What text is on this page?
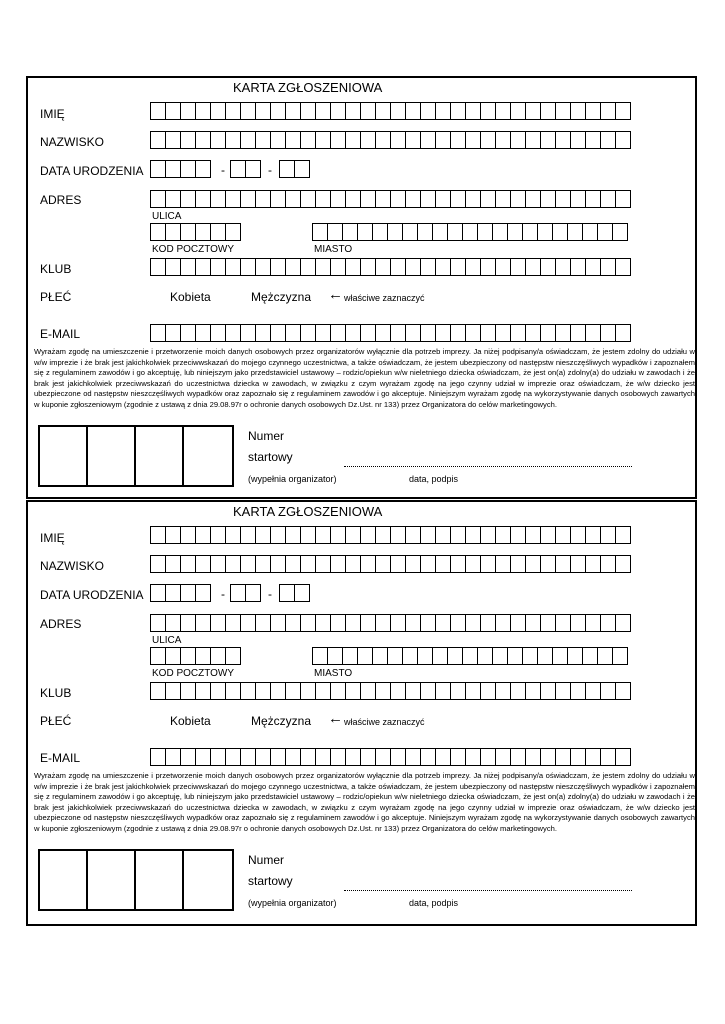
KARTA ZGŁOSZENIOWA
IMIĘ
NAZWISKO
DATA URODZENIA	-	-
ADRES
ULICA
KOD POCZTOWY	MIASTO
KLUB
PŁEĆ	Kobieta	Mężczyzna ← właściwe zaznaczyć
E-MAIL
Wyrażam zgodę na umieszczenie i przetworzenie moich danych osobowych przez organizatorów wyłącznie dla potrzeb imprezy. Ja niżej podpisany/a oświadczam, że jestem zdolny do udziału w w/w imprezie i że brak jest jakichkolwiek przeciwwskazań do mojego czynnego uczestnictwa, a także oświadczam, że jestem ubezpieczony od następstw nieszczęśliwych wypadków i zapoznałem się z regulaminem zawodów i go akceptuję, lub niniejszym jako przedstawiciel ustawowy – rodzic/opiekun w/w nieletniego dziecka oświadczam, że jest on(a) zdolny(a) do udziału w zawodach i że brak jest jakichkolwiek przeciwwskazań do uczestnictwa dziecka w zawodach, w związku z czym wyrażam zgodę na jego czynny udział w imprezie oraz oświadczam, że w/w dziecko jest ubezpieczone od następstw nieszczęśliwych wypadków oraz zapoznało się z regulaminem zawodów i go akceptuje. Niniejszym wyrażam zgodę na wykorzystywanie danych osobowych zawartych w kuponie zgłoszeniowym (zgodnie z ustawą z dnia 29.08.97r o ochronie danych osobowych Dz.Ust. nr 133) przez Organizatora do celów marketingowych.
Numer
startowy
(wypełnia organizator)	data, podpis
KARTA ZGŁOSZENIOWA
IMIĘ
NAZWISKO
DATA URODZENIA	-	-
ADRES
ULICA
KOD POCZTOWY	MIASTO
KLUB
PŁEĆ	Kobieta	Mężczyzna ← właściwe zaznaczyć
E-MAIL
Wyrażam zgodę na umieszczenie i przetworzenie moich danych osobowych przez organizatorów wyłącznie dla potrzeb imprezy. Ja niżej podpisany/a oświadczam, że jestem zdolny do udziału w w/w imprezie i że brak jest jakichkolwiek przeciwwskazań do mojego czynnego uczestnictwa, a także oświadczam, że jestem ubezpieczony od następstw nieszczęśliwych wypadków i zapoznałem się z regulaminem zawodów i go akceptuję, lub niniejszym jako przedstawiciel ustawowy – rodzic/opiekun w/w nieletniego dziecka oświadczam, że jest on(a) zdolny(a) do udziału w zawodach i że brak jest jakichkolwiek przeciwwskazań do uczestnictwa dziecka w zawodach, w związku z czym wyrażam zgodę na jego czynny udział w imprezie oraz oświadczam, że w/w dziecko jest ubezpieczone od następstw nieszczęśliwych wypadków oraz zapoznało się z regulaminem zawodów i go akceptuje. Niniejszym wyrażam zgodę na wykorzystywanie danych osobowych zawartych w kuponie zgłoszeniowym (zgodnie z ustawą z dnia 29.08.97r o ochronie danych osobowych Dz.Ust. nr 133) przez Organizatora do celów marketingowych.
Numer
startowy
(wypełnia organizator)	data, podpis
